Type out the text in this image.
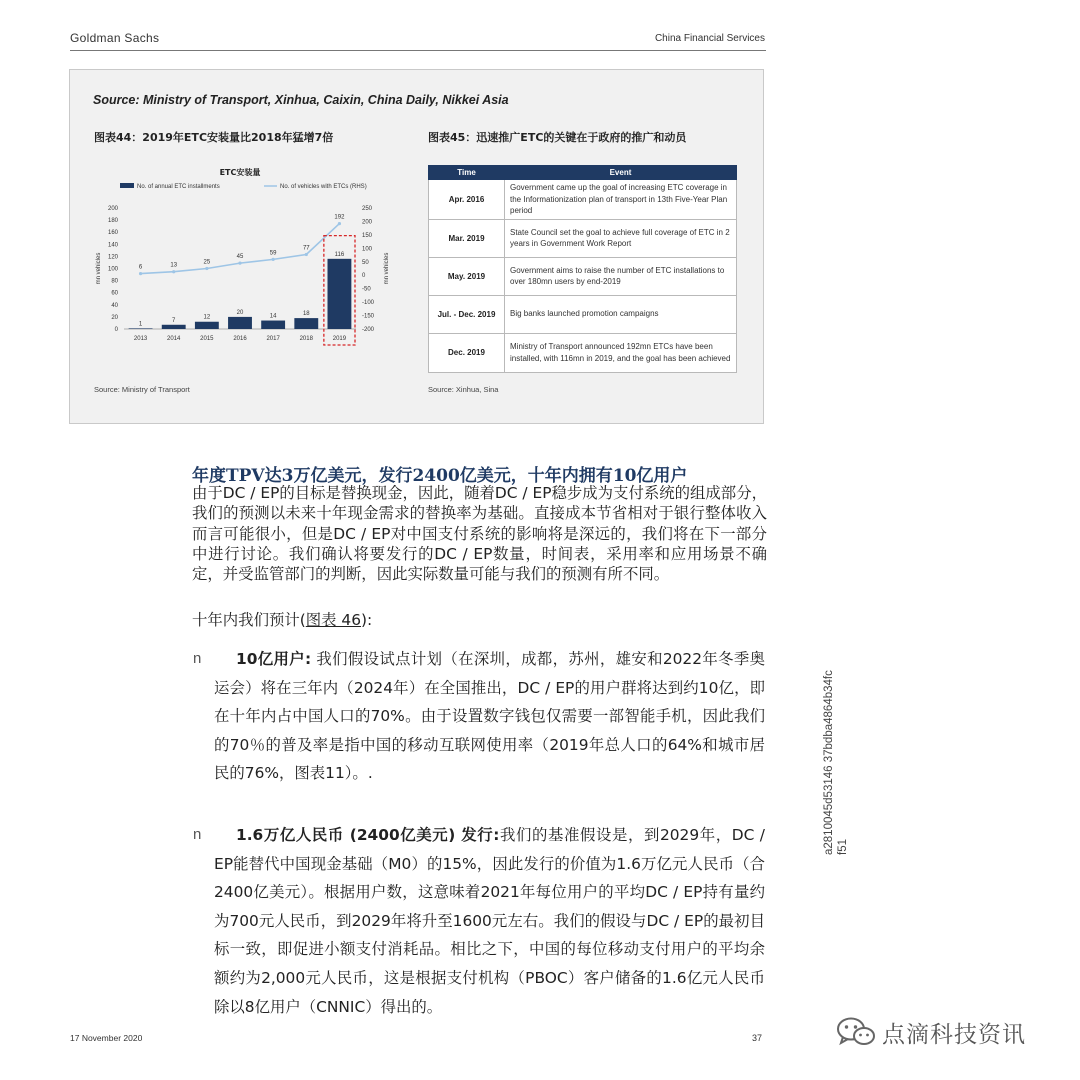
Goldman Sachs	China Financial Services
Source: Ministry of Transport, Xinhua, Caixin, China Daily, Nikkei Asia
图表44：2019年ETC安装量比2018年猛增7倍	图表45：迅速推广ETC的关键在于政府的推广和动员
ETC安装量
No. of annual ETC installments	No. of vehicles with ETCs (RHS)
0
20
40
60
80
100
120
140
160
180
200
-200
-150
-100
-50
0
50
100
150
200
250
mn vehicles	mn vehicles
1
2013
7
2014
12
2015
20
2016
14
2017
18
2018
116
2019
6	13
25
45
59
77
192
Time	Event
Apr. 2016	Government came up the goal of increasing ETC coverage in the Informationization plan of transport in 13th Five-Year Plan period
Mar. 2019	State Council set the goal to achieve full coverage of ETC in 2 years in Government Work Report
May. 2019	Government aims to raise the number of ETC installations to over 180mn users by end-2019
Jul. - Dec. 2019	Big banks launched promotion campaigns
Dec. 2019	Ministry of Transport announced 192mn ETCs have been installed, with 116mn in 2019, and the goal has been achieved
Source: Ministry of Transport	Source: Xinhua, Sina
年度TPV达3万亿美元，发行2400亿美元，十年内拥有10亿用户
由于DC / EP的目标是替换现金，因此，随着DC / EP稳步成为支付系统的组成部分，我们的预测以未来十年现金需求的替换率为基础。直接成本节省相对于银行整体收入而言可能很小，但是DC / EP对中国支付系统的影响将是深远的，我们将在下一部分中进行讨论。我们确认将要发行的DC / EP数量，时间表，采用率和应用场景不确定，并受监管部门的判断，因此实际数量可能与我们的预测有所不同。
十年内我们预计(图表 46):
n	10亿用户: 我们假设试点计划（在深圳，成都，苏州，雄安和2022年冬季奥运会）将在三年内（2024年）在全国推出，DC / EP的用户群将达到约10亿，即在十年内占中国人口的70%。由于设置数字钱包仅需要一部智能手机，因此我们的70％的普及率是指中国的移动互联网使用率（2019年总人口的64%和城市居民的76%，图表11）。.
n	1.6万亿人民币 (2400亿美元) 发行:我们的基准假设是，到2029年，DC / EP能替代中国现金基础（M0）的15%，因此发行的价值为1.6万亿元人民币（合2400亿美元）。根据用户数，这意味着2021年每位用户的平均DC / EP持有量约为700元人民币，到2029年将升至1600元左右。我们的假设与DC / EP的最初目标一致，即促进小额支付消耗品。相比之下，中国的每位移动支付用户的平均余额约为2,000元人民币，这是根据支付机构（PBOC）客户储备的1.6亿元人民币除以8亿用户（CNNIC）得出的。
a2810045d53146 37bdba4864b34fc f51
17 November 2020	37	点滴科技资讯
